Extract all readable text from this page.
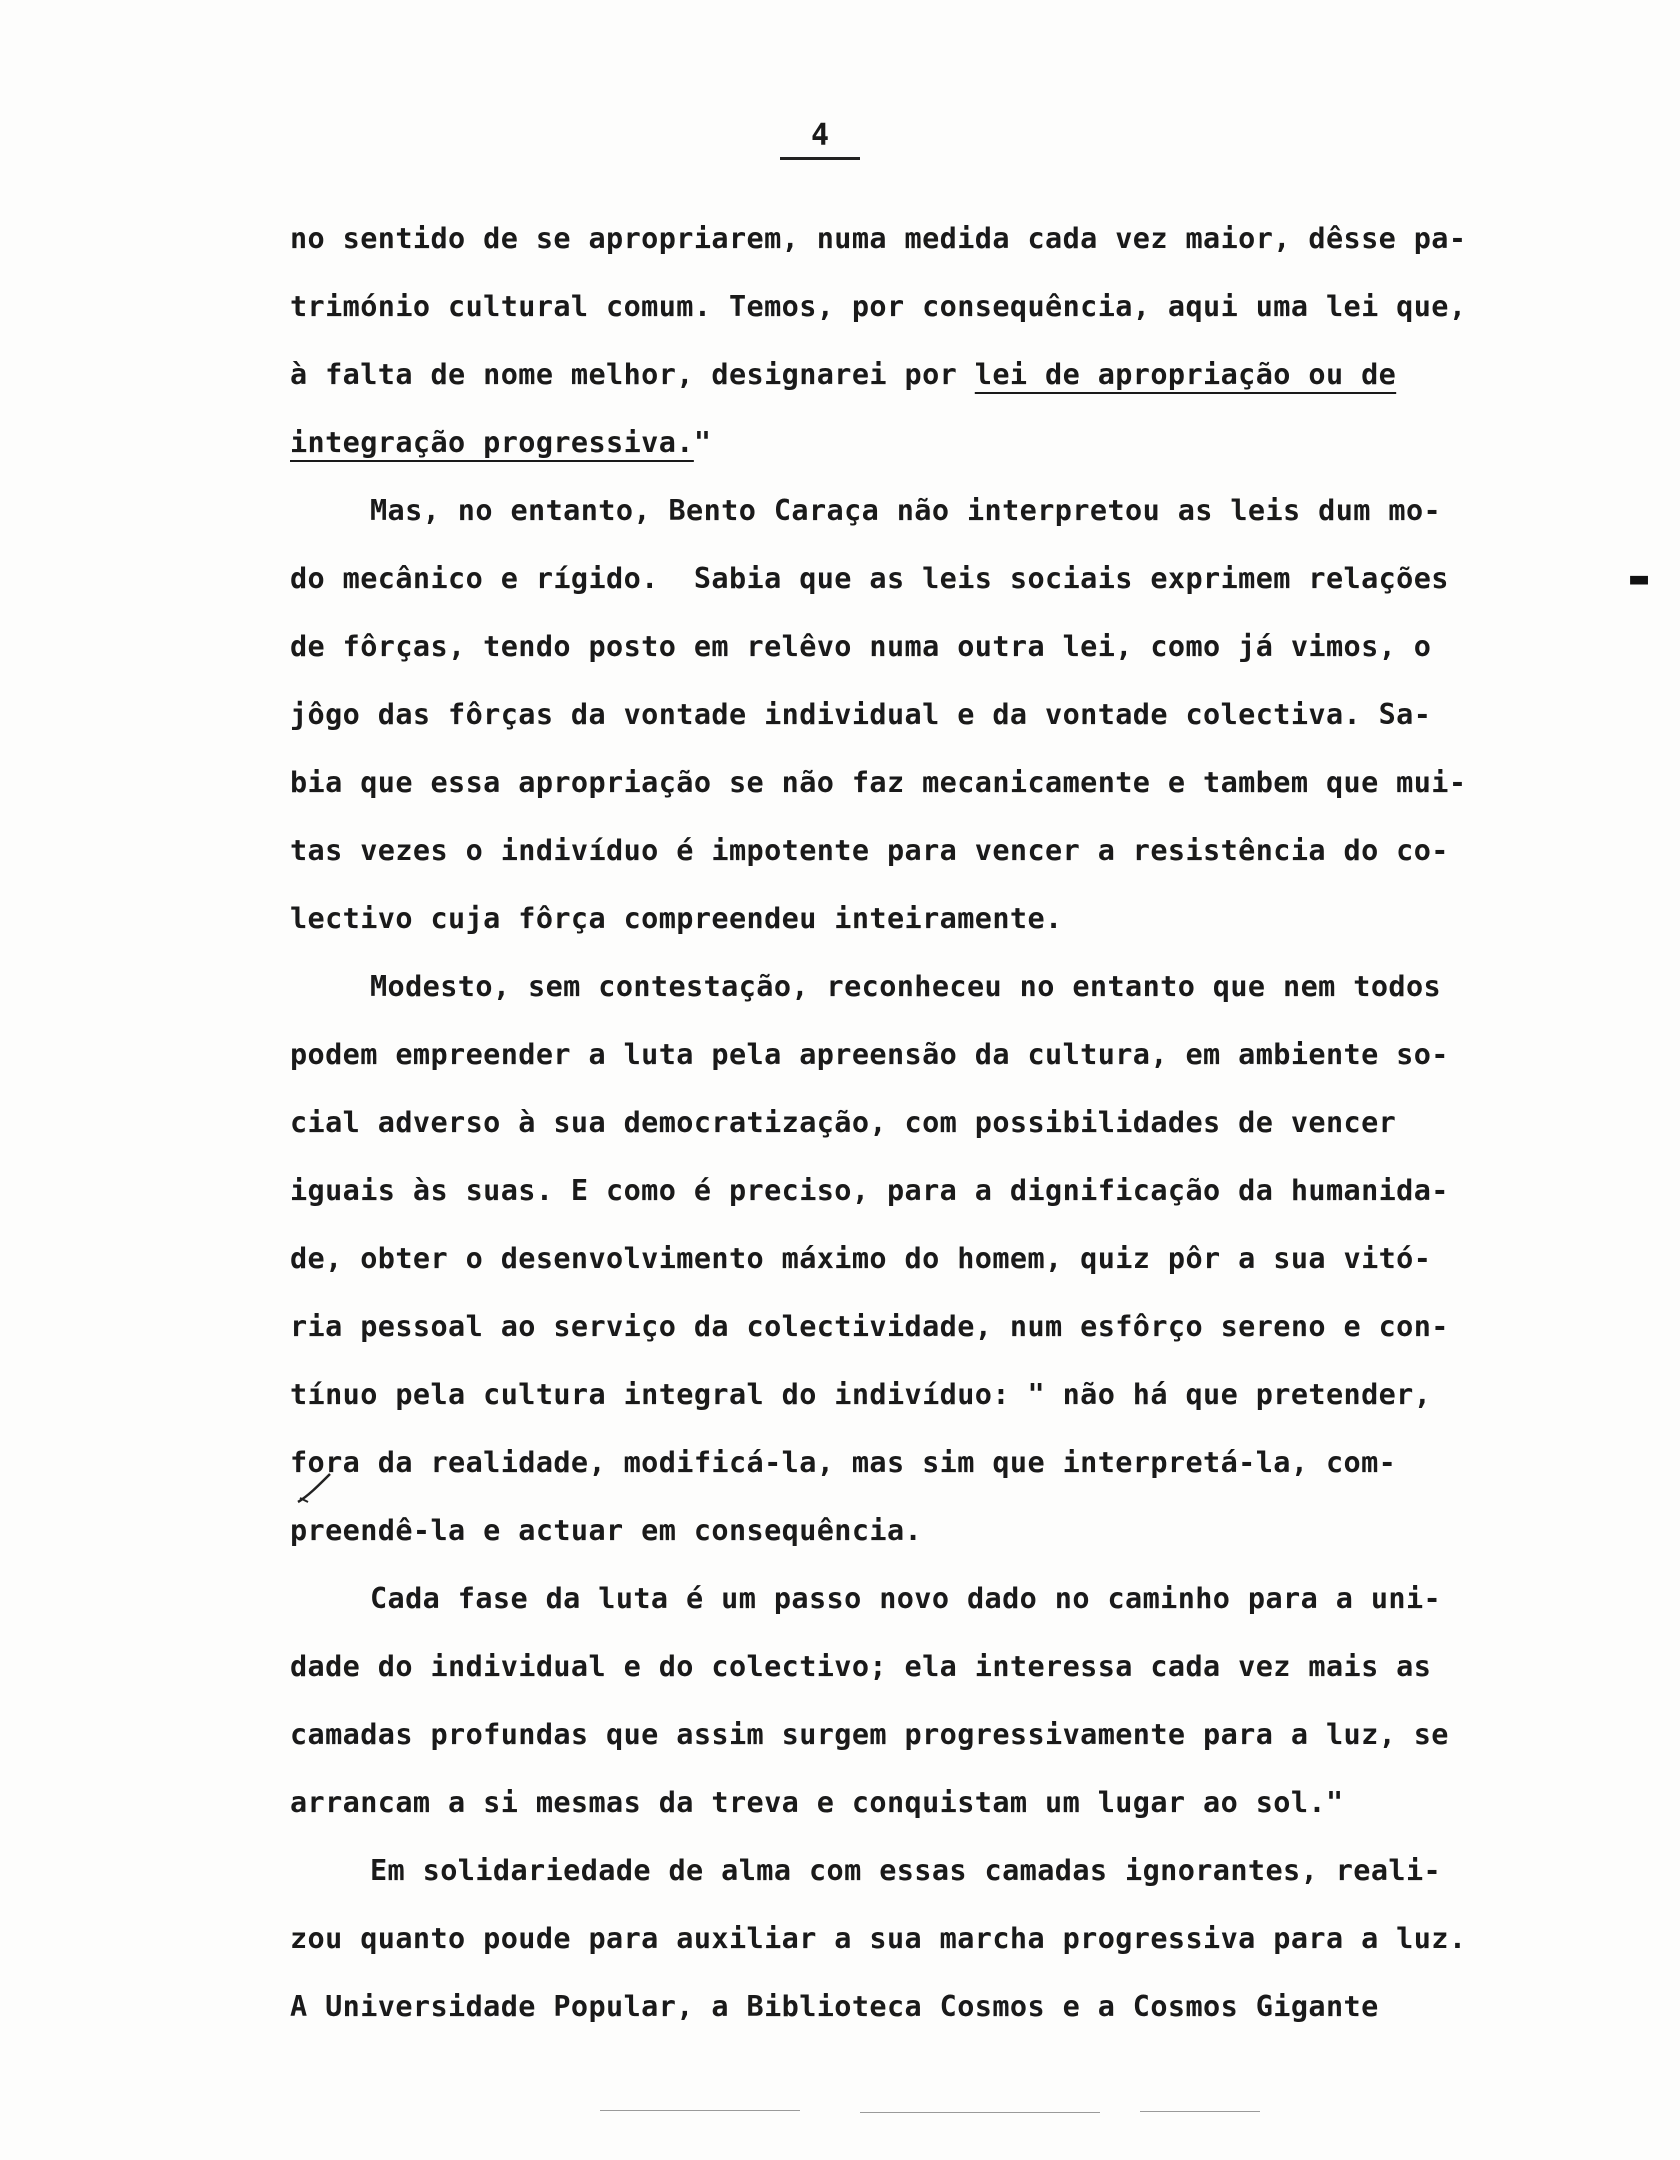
4
no sentido de se apropriarem, numa medida cada vez maior, dêsse pa-
trimónio cultural comum. Temos, por consequência, aqui uma lei que,
à falta de nome melhor, designarei por lei de apropriação ou de
integração progressiva."
Mas, no entanto, Bento Caraça não interpretou as leis dum mo-
do mecânico e rígido.  Sabia que as leis sociais exprimem relações	▬
de fôrças, tendo posto em relêvo numa outra lei, como já vimos, o
jôgo das fôrças da vontade individual e da vontade colectiva. Sa-
bia que essa apropriação se não faz mecanicamente e tambem que mui-
tas vezes o indivíduo é impotente para vencer a resistência do co-
lectivo cuja fôrça compreendeu inteiramente.
Modesto, sem contestação, reconheceu no entanto que nem todos
podem empreender a luta pela apreensão da cultura, em ambiente so-
cial adverso à sua democratização, com possibilidades de vencer
iguais às suas. E como é preciso, para a dignificação da humanida-
de, obter o desenvolvimento máximo do homem, quiz pôr a sua vitó-
ria pessoal ao serviço da colectividade, num esfôrço sereno e con-
tínuo pela cultura integral do indivíduo: " não há que pretender,
fora da realidade, modificá-la, mas sim que interpretá-la, com-
preendê-la e actuar em consequência.
Cada fase da luta é um passo novo dado no caminho para a uni-
dade do individual e do colectivo; ela interessa cada vez mais as
camadas profundas que assim surgem progressivamente para a luz, se
arrancam a si mesmas da treva e conquistam um lugar ao sol."
Em solidariedade de alma com essas camadas ignorantes, reali-
zou quanto poude para auxiliar a sua marcha progressiva para a luz.
A Universidade Popular, a Biblioteca Cosmos e a Cosmos Gigante
